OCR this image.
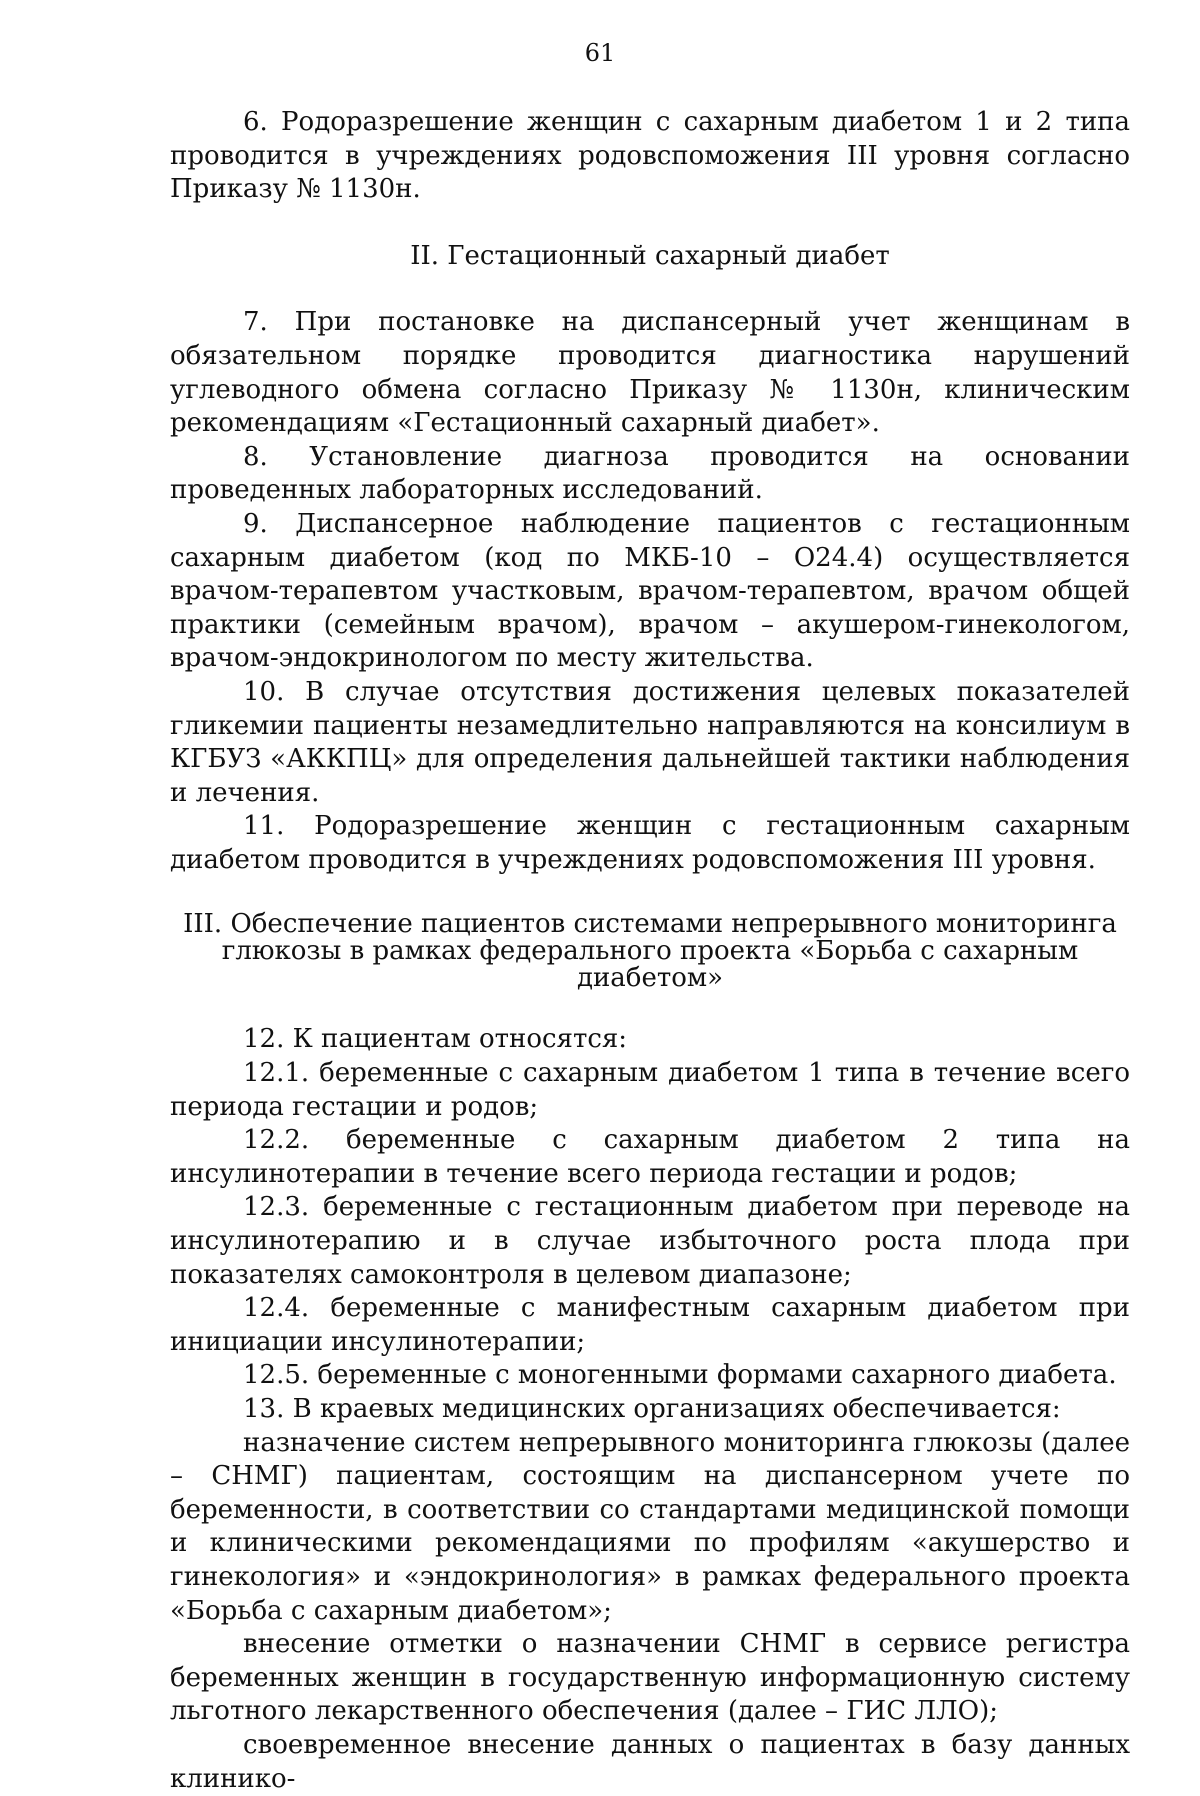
61

6. Родоразрешение женщин с сахарным диабетом 1 и 2 типа проводится в учреждениях родовспоможения III уровня согласно Приказу № 1130н.

II. Гестационный сахарный диабет

7. При постановке на диспансерный учет женщинам в обязательном порядке проводится диагностика нарушений углеводного обмена согласно Приказу № 1130н, клиническим рекомендациям «Гестационный сахарный диабет».

8. Установление диагноза проводится на основании проведенных лабораторных исследований.

9. Диспансерное наблюдение пациентов с гестационным сахарным диабетом (код по МКБ-10 – O24.4) осуществляется врачом-терапевтом участковым, врачом-терапевтом, врачом общей практики (семейным врачом), врачом – акушером-гинекологом, врачом-эндокринологом по месту жительства.

10. В случае отсутствия достижения целевых показателей гликемии пациенты незамедлительно направляются на консилиум в КГБУЗ «АККПЦ» для определения дальнейшей тактики наблюдения и лечения.

11. Родоразрешение женщин с гестационным сахарным диабетом проводится в учреждениях родовспоможения III уровня.

III. Обеспечение пациентов системами непрерывного мониторинга
глюкозы в рамках федерального проекта «Борьба с сахарным диабетом»

12. К пациентам относятся:

12.1. беременные с сахарным диабетом 1 типа в течение всего периода гестации и родов;

12.2. беременные с сахарным диабетом 2 типа на инсулинотерапии в течение всего периода гестации и родов;

12.3. беременные с гестационным диабетом при переводе на инсулинотерапию и в случае избыточного роста плода при показателях самоконтроля в целевом диапазоне;

12.4. беременные с манифестным сахарным диабетом при инициации инсулинотерапии;

12.5. беременные с моногенными формами сахарного диабета.

13. В краевых медицинских организациях обеспечивается:

назначение систем непрерывного мониторинга глюкозы (далее – СНМГ) пациентам, состоящим на диспансерном учете по беременности, в соответствии со стандартами медицинской помощи и клиническими рекомендациями по профилям «акушерство и гинекология» и «эндокринология» в рамках федерального проекта «Борьба с сахарным диабетом»;

внесение отметки о назначении СНМГ в сервисе регистра беременных женщин в государственную информационную систему льготного лекарственного обеспечения (далее – ГИС ЛЛО);

своевременное внесение данных о пациентах в базу данных клинико-
